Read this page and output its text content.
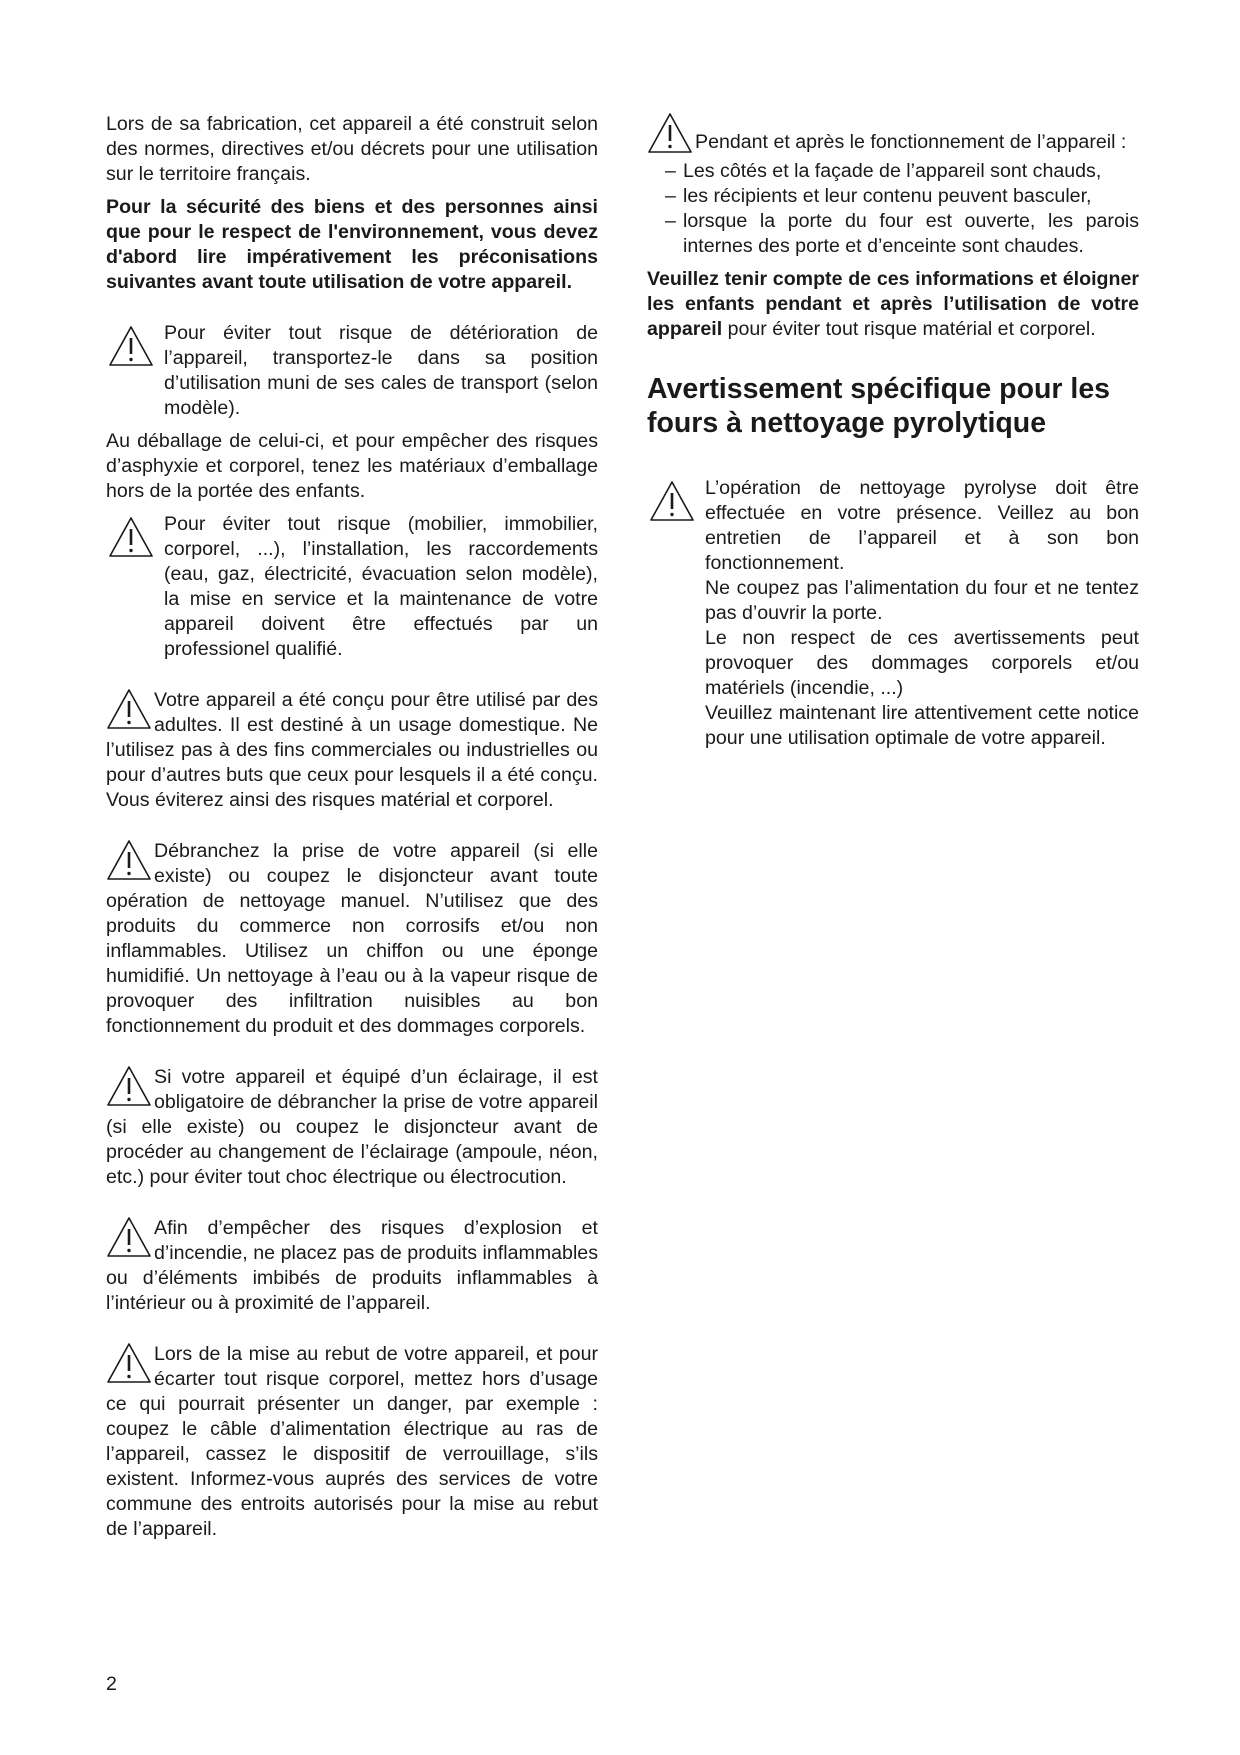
Lors de sa fabrication, cet appareil a été construit selon des normes, directives et/ou décrets pour une utilisation sur le territoire français.

Pour la sécurité des biens et des personnes ainsi que pour le respect de l'environnement, vous devez d'abord lire impérativement les préconisations suivantes avant toute utilisation de votre appareil.

Pour éviter tout risque de détérioration de l’appareil, transportez-le dans sa position d’utilisation muni de ses cales de transport (selon modèle).

Au déballage de celui-ci, et pour empêcher des risques d’asphyxie et corporel, tenez les matériaux d’emballage hors de la portée des enfants.

Pour éviter tout risque (mobilier, immobilier, corporel, ...), l’installation, les raccordements (eau, gaz, électricité, évacuation selon modèle), la mise en service et la maintenance de votre appareil doivent être effectués par un professionel qualifié.

Votre appareil a été conçu pour être utilisé par des adultes. Il est destiné à un usage domestique. Ne l’utilisez pas à des fins commerciales ou industrielles ou pour d’autres buts que ceux pour lesquels il a été conçu. Vous éviterez ainsi des risques matérial et corporel.

Débranchez la prise de votre appareil (si elle existe) ou coupez le disjoncteur avant toute opération de nettoyage manuel. N’utilisez que des produits du commerce non corrosifs et/ou non inflammables. Utilisez un chiffon ou une éponge humidifié. Un nettoyage à l’eau ou à la vapeur risque de provoquer des infiltration nuisibles au bon fonctionnement du produit et des dommages corporels.

Si votre appareil et équipé d’un éclairage, il est obligatoire de débrancher la prise de votre appareil (si elle existe) ou coupez le disjoncteur avant de procéder au changement de l’éclairage (ampoule, néon, etc.) pour éviter tout choc électrique ou électrocution.

Afin d’empêcher des risques d’explosion et d’incendie, ne placez pas de produits inflammables ou d’éléments imbibés de produits inflammables à l’intérieur ou à proximité de l’appareil.

Lors de la mise au rebut de votre appareil, et pour écarter tout risque corporel, mettez hors d’usage ce qui pourrait présenter un danger, par exemple : coupez le câble d’alimentation électrique au ras de l’appareil, cassez le dispositif de verrouillage, s’ils existent. Informez-vous auprés des services de votre commune des entroits autorisés pour la mise au rebut de l’appareil.

Pendant et après le fonctionnement de l’appareil :

– Les côtés et la façade de l’appareil sont chauds,
– les récipients et leur contenu peuvent basculer,
– lorsque la porte du four est ouverte, les parois internes des porte et d’enceinte sont chaudes.

Veuillez tenir compte de ces informations et éloigner les enfants pendant et après l’utilisation de votre appareil pour éviter tout risque matérial et corporel.

Avertissement spécifique pour les fours à nettoyage pyrolytique

L’opération de nettoyage pyrolyse doit être effectuée en votre présence. Veillez au bon entretien de l’appareil et à son bon fonctionnement.

Ne coupez pas l’alimentation du four et ne tentez pas d’ouvrir la porte.

Le non respect de ces avertissements peut provoquer des dommages corporels et/ou matériels (incendie, ...)

Veuillez maintenant lire attentivement cette notice pour une utilisation optimale de votre appareil.

2
